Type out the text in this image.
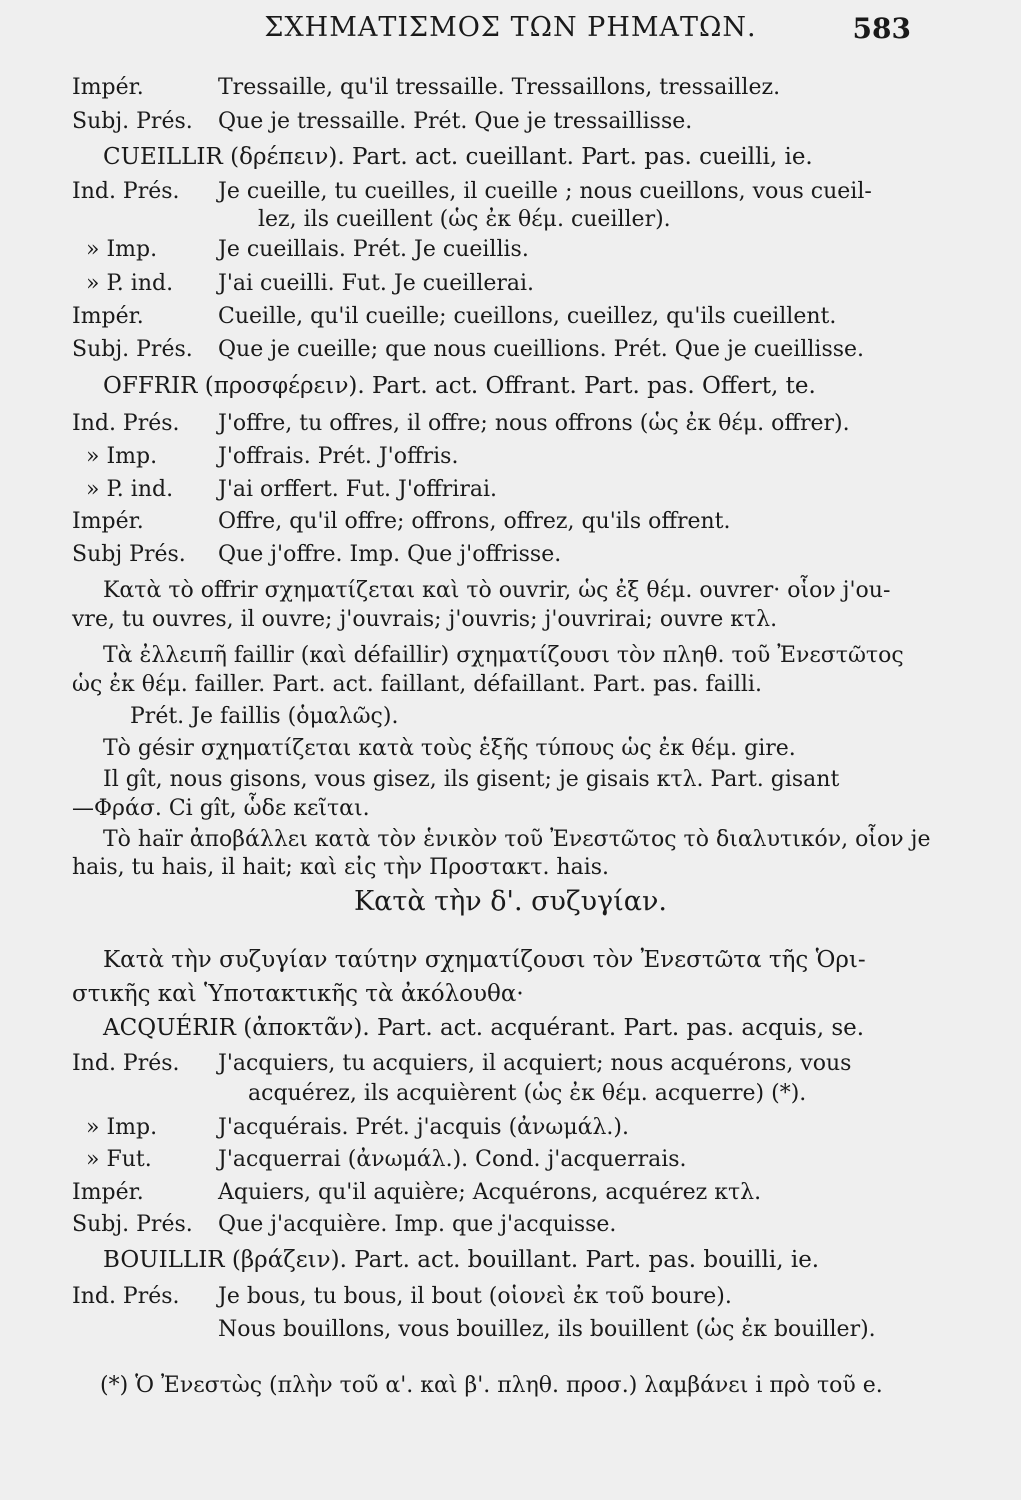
ΣΧΗΜΑΤΙΣΜΟΣ ΤΩΝ ΡΗΜΑΤΩΝ.	583
Impér.	Tressaille, qu'il tressaille. Tressaillons, tressaillez.
Subj. Prés. Que je tressaille. Prét. Que je tressaillisse.
CUEILLIR (δρέπειν). Part. act. cueillant. Part. pas. cueilli, ie.
Ind. Prés. Je cueille, tu cueilles, il cueille ; nous cueillons, vous cueil-
lez, ils cueillent (ὡς ἐκ θέμ. cueiller).
» Imp.	Je cueillais. Prét. Je cueillis.
» P. ind. J'ai cueilli. Fut. Je cueillerai.
Impér.	Cueille, qu'il cueille; cueillons, cueillez, qu'ils cueillent.
Subj. Prés. Que je cueille; que nous cueillions. Prét. Que je cueillisse.
OFFRIR (προσφέρειν). Part. act. Offrant. Part. pas. Offert, te.
Ind. Prés. J'offre, tu offres, il offre; nous offrons (ὡς ἐκ θέμ. offrer).
» Imp.	J'offrais. Prét. J'offris.
» P. ind. J'ai orffert. Fut. J'offrirai.
Impér.	Offre, qu'il offre; offrons, offrez, qu'ils offrent.
Subj Prés. Que j'offre. Imp. Que j'offrisse.
Κατὰ τὸ offrir σχηματίζεται καὶ τὸ ouvrir, ὡς ἐξ θέμ. ouvrer· οἷον j'ou-
vre, tu ouvres, il ouvre; j'ouvrais; j'ouvris; j'ouvrirai; ouvre κτλ.
Τὰ ἐλλειπῆ faillir (καὶ défaillir) σχηματίζουσι τὸν πληθ. τοῦ Ἐνεστῶτος
ὡς ἐκ θέμ. failler. Part. act. faillant, défaillant. Part. pas. failli.
Prét. Je faillis (ὁμαλῶς).
Τὸ gésir σχηματίζεται κατὰ τοὺς ἑξῆς τύπους ὡς ἐκ θέμ. gire.
Il gît, nous gisons, vous gisez, ils gisent; je gisais κτλ. Part. gisant
—Φράσ. Ci gît, ὧδε κεῖται.
Τὸ haïr ἀποβάλλει κατὰ τὸν ἑνικὸν τοῦ Ἐνεστῶτος τὸ διαλυτικόν, οἷον je
hais, tu hais, il hait; καὶ εἰς τὴν Προστακτ. hais.
Κατὰ τὴν δ'. συζυγίαν.
Κατὰ τὴν συζυγίαν ταύτην σχηματίζουσι τὸν Ἐνεστῶτα τῆς Ὁρι-
στικῆς καὶ Ὑποτακτικῆς τὰ ἀκόλουθα·
ACQUÉRIR (ἀποκτᾶν). Part. act. acquérant. Part. pas. acquis, se.
Ind. Prés. J'acquiers, tu acquiers, il acquiert; nous acquérons, vous
acquérez, ils acquièrent (ὡς ἐκ θέμ. acquerre) (*).
» Imp.	J'acquérais. Prét. j'acquis (ἀνωμάλ.).
» Fut.	J'acquerrai (ἀνωμάλ.). Cond. j'acquerrais.
Impér.	Aquiers, qu'il aquière; Acquérons, acquérez κτλ.
Subj. Prés. Que j'acquière. Imp. que j'acquisse.
BOUILLIR (βράζειν). Part. act. bouillant. Part. pas. bouilli, ie.
Ind. Prés. Je bous, tu bous, il bout (οἱονεὶ ἐκ τοῦ boure).
Nous bouillons, vous bouillez, ils bouillent (ὡς ἐκ bouiller).
(*) Ὁ Ἐνεστὼς (πλὴν τοῦ α'. καὶ β'. πληθ. προσ.) λαμβάνει i πρὸ τοῦ e.
